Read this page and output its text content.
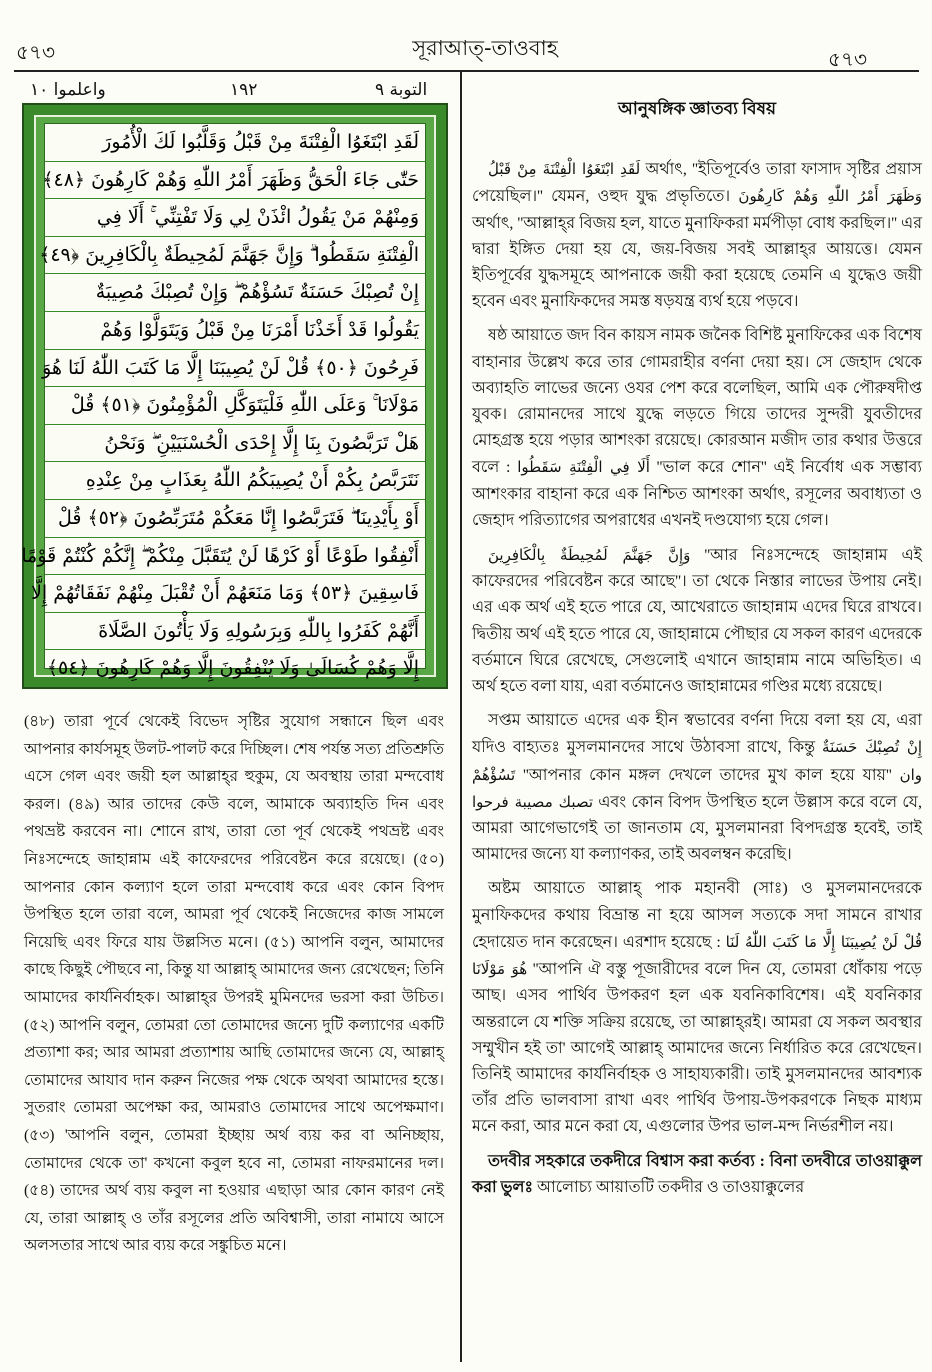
৫৭৩	সূরাআত্‌-তাওবাহ	৫৭৩
واعلموا ١٠	١٩٢	التوبة ٩
لَقَدِ ابْتَغَوُا الْفِتْنَةَ مِنْ قَبْلُ وَقَلَّبُوا لَكَ الْأُمُورَ
حَتّٰى جَاءَ الْحَقُّ وَظَهَرَ أَمْرُ اللّٰهِ وَهُمْ كَارِهُونَ ﴿٤٨﴾
وَمِنْهُمْ مَنْ يَقُولُ ائْذَنْ لِي وَلَا تَفْتِنِّي ۚ أَلَا فِي
الْفِتْنَةِ سَقَطُوا ۗ وَإِنَّ جَهَنَّمَ لَمُحِيطَةٌ بِالْكَافِرِينَ ﴿٤٩﴾
إِنْ تُصِبْكَ حَسَنَةٌ تَسُؤْهُمْ ۖ وَإِنْ تُصِبْكَ مُصِيبَةٌ
يَقُولُوا قَدْ أَخَذْنَا أَمْرَنَا مِنْ قَبْلُ وَيَتَوَلَّوْا وَهُمْ
فَرِحُونَ ﴿٥٠﴾ قُلْ لَنْ يُصِيبَنَا إِلَّا مَا كَتَبَ اللّٰهُ لَنَا هُوَ
مَوْلَانَا ۚ وَعَلَى اللّٰهِ فَلْيَتَوَكَّلِ الْمُؤْمِنُونَ ﴿٥١﴾ قُلْ
هَلْ تَرَبَّصُونَ بِنَا إِلَّا إِحْدَى الْحُسْنَيَيْنِ ۖ وَنَحْنُ
نَتَرَبَّصُ بِكُمْ أَنْ يُصِيبَكُمُ اللّٰهُ بِعَذَابٍ مِنْ عِنْدِهِ
أَوْ بِأَيْدِينَا ۖ فَتَرَبَّصُوا إِنَّا مَعَكُمْ مُتَرَبِّصُونَ ﴿٥٢﴾ قُلْ
أَنْفِقُوا طَوْعًا أَوْ كَرْهًا لَنْ يُتَقَبَّلَ مِنْكُمْ ۖ إِنَّكُمْ كُنْتُمْ قَوْمًا
فَاسِقِينَ ﴿٥٣﴾ وَمَا مَنَعَهُمْ أَنْ تُقْبَلَ مِنْهُمْ نَفَقَاتُهُمْ إِلَّا
أَنَّهُمْ كَفَرُوا بِاللّٰهِ وَبِرَسُولِهِ وَلَا يَأْتُونَ الصَّلَاةَ
إِلَّا وَهُمْ كُسَالَىٰ وَلَا يُنْفِقُونَ إِلَّا وَهُمْ كَارِهُونَ ﴿٥٤﴾
(৪৮) তারা পূর্বে থেকেই বিভেদ সৃষ্টির সুযোগ সন্ধানে ছিল এবং আপনার কার্যসমূহ উলট-পালট করে দিচ্ছিল। শেষ পর্যন্ত সত্য প্রতিশ্রুতি এসে গেল এবং জয়ী হল আল্লাহ্‌র হুকুম, যে অবস্থায় তারা মন্দবোধ করল। (৪৯) আর তাদের কেউ বলে, আমাকে অব্যাহতি দিন এবং পথভ্রষ্ট করবেন না। শোনে রাখ, তারা তো পূর্ব থেকেই পথভ্রষ্ট এবং নিঃসন্দেহে জাহান্নাম এই কাফেরদের পরিবেষ্টন করে রয়েছে। (৫০) আপনার কোন কল্যাণ হলে তারা মন্দবোধ করে এবং কোন বিপদ উপস্থিত হলে তারা বলে, আমরা পূর্ব থেকেই নিজেদের কাজ সামলে নিয়েছি এবং ফিরে যায় উল্লসিত মনে। (৫১) আপনি বলুন, আমাদের কাছে কিছুই পৌছবে না, কিন্তু যা আল্লাহ্‌ আমাদের জন্য রেখেছেন; তিনি আমাদের কার্যনির্বাহক। আল্লাহ্‌র উপরই মুমিনদের ভরসা করা উচিত। (৫২) আপনি বলুন, তোমরা তো তোমাদের জন্যে দুটি কল্যাণের একটি প্রত্যাশা কর; আর আমরা প্রত্যাশায় আছি তোমাদের জন্যে যে, আল্লাহ্‌ তোমাদের আযাব দান করুন নিজের পক্ষ থেকে অথবা আমাদের হস্তে। সুতরাং তোমরা অপেক্ষা কর, আমরাও তোমাদের সাথে অপেক্ষমাণ। (৫৩) 'আপনি বলুন, তোমরা ইচ্ছায় অর্থ ব্যয় কর বা অনিচ্ছায়, তোমাদের থেকে তা' কখনো কবুল হবে না, তোমরা নাফরমানের দল। (৫৪) তাদের অর্থ ব্যয় কবুল না হওয়ার এছাড়া আর কোন কারণ নেই যে, তারা আল্লাহ্‌ ও তাঁর রসূলের প্রতি অবিশ্বাসী, তারা নামাযে আসে অলসতার সাথে আর ব্যয় করে সঙ্কুচিত মনে।

আনুষঙ্গিক জ্ঞাতব্য বিষয়

لَقَدِ ابْتَغَوُا الْفِتْنَةَ مِنْ قَبْلُ অর্থাৎ, ''ইতিপূর্বেও তারা ফাসাদ সৃষ্টির প্রয়াস পেয়েছিল।'' যেমন, ওহুদ যুদ্ধ প্রভৃতিতে। وَظَهَرَ أَمْرُ اللّٰهِ وَهُمْ كَارِهُونَ অর্থাৎ, ''আল্লাহ্‌র বিজয় হল, যাতে মুনাফিকরা মর্মপীড়া বোধ করছিল।'' এর দ্বারা ইঙ্গিত দেয়া হয় যে, জয়-বিজয় সবই আল্লাহ্‌র আয়ত্তে। যেমন ইতিপূর্বের যুদ্ধসমূহে আপনাকে জয়ী করা হয়েছে তেমনি এ যুদ্ধেও জয়ী হবেন এবং মুনাফিকদের সমস্ত ষড়যন্ত্র ব্যর্থ হয়ে পড়বে।

ষষ্ঠ আয়াতে জদ বিন কায়স নামক জনৈক বিশিষ্ট মুনাফিকের এক বিশেষ বাহানার উল্লেখ করে তার গোমরাহীর বর্ণনা দেয়া হয়। সে জেহাদ থেকে অব্যাহতি লাভের জন্যে ওযর পেশ করে বলেছিল, আমি এক পৌরুষদীপ্ত যুবক। রোমানদের সাথে যুদ্ধে লড়তে গিয়ে তাদের সুন্দরী যুবতীদের মোহগ্রস্ত হয়ে পড়ার আশংকা রয়েছে। কোরআন মজীদ তার কথার উত্তরে বলে : أَلَا فِي الْفِتْنَةِ سَقَطُوا ''ভাল করে শোন'' এই নির্বোধ এক সম্ভাব্য আশংকার বাহানা করে এক নিশ্চিত আশংকা অর্থাৎ, রসূলের অবাধ্যতা ও জেহাদ পরিত্যাগের অপরাধের এখনই দণ্ডযোগ্য হয়ে গেল।

وَإِنَّ جَهَنَّمَ لَمُحِيطَةٌ بِالْكَافِرِينَ ''আর নিঃসন্দেহে জাহান্নাম এই কাফেরদের পরিবেষ্টন করে আছে''। তা থেকে নিস্তার লাভের উপায় নেই। এর এক অর্থ এই হতে পারে যে, আখেরাতে জাহান্নাম এদের ঘিরে রাখবে। দ্বিতীয় অর্থ এই হতে পারে যে, জাহান্নামে পৌছার যে সকল কারণ এদেরকে বর্তমানে ঘিরে রেখেছে, সেগুলোই এখানে জাহান্নাম নামে অভিহিত। এ অর্থ হতে বলা যায়, এরা বর্তমানেও জাহান্নামের গণ্ডির মধ্যে রয়েছে।

সপ্তম আয়াতে এদের এক হীন স্বভাবের বর্ণনা দিয়ে বলা হয় যে, এরা যদিও বাহ্যতঃ মুসলমানদের সাথে উঠাবসা রাখে, কিন্তু إِنْ تُصِبْكَ حَسَنَةٌ تَسُؤْهُمْ ''আপনার কোন মঙ্গল দেখলে তাদের মুখ কাল হয়ে যায়'' وان تصبك مصيبة فرحوا এবং কোন বিপদ উপস্থিত হলে উল্লাস করে বলে যে, আমরা আগেভাগেই তা জানতাম যে, মুসলমানরা বিপদগ্রস্ত হবেই, তাই আমাদের জন্যে যা কল্যাণকর, তাই অবলম্বন করেছি।

অষ্টম আয়াতে আল্লাহ্‌ পাক মহানবী (সাঃ) ও মুসলমানদেরকে মুনাফিকদের কথায় বিভ্রান্ত না হয়ে আসল সত্যকে সদা সামনে রাখার হেদায়েত দান করেছেন। এরশাদ হয়েছে : قُلْ لَنْ يُصِيبَنَا إِلَّا مَا كَتَبَ اللّٰهُ لَنَا هُوَ مَوْلَانَا ''আপনি ঐ বস্তু পূজারীদের বলে দিন যে, তোমরা ধোঁকায় পড়ে আছ। এসব পার্থিব উপকরণ হল এক যবনিকাবিশেষ। এই যবনিকার অন্তরালে যে শক্তি সক্রিয় রয়েছে, তা আল্লাহ্‌রই। আমরা যে সকল অবস্থার সম্মুখীন হই তা' আগেই আল্লাহ্‌ আমাদের জন্যে নির্ধারিত করে রেখেছেন। তিনিই আমাদের কার্যনির্বাহক ও সাহায্যকারী। তাই মুসলমানদের আবশ্যক তাঁর প্রতি ভালবাসা রাখা এবং পার্থিব উপায়-উপকরণকে নিছক মাধ্যম মনে করা, আর মনে করা যে, এগুলোর উপর ভাল-মন্দ নির্ভরশীল নয়।

তদবীর সহকারে তকদীরে বিশ্বাস করা কর্তব্য : বিনা তদবীরে তাওয়াক্কুল করা ভুলঃ আলোচ্য আয়াতটি তকদীর ও তাওয়াক্কুলের
